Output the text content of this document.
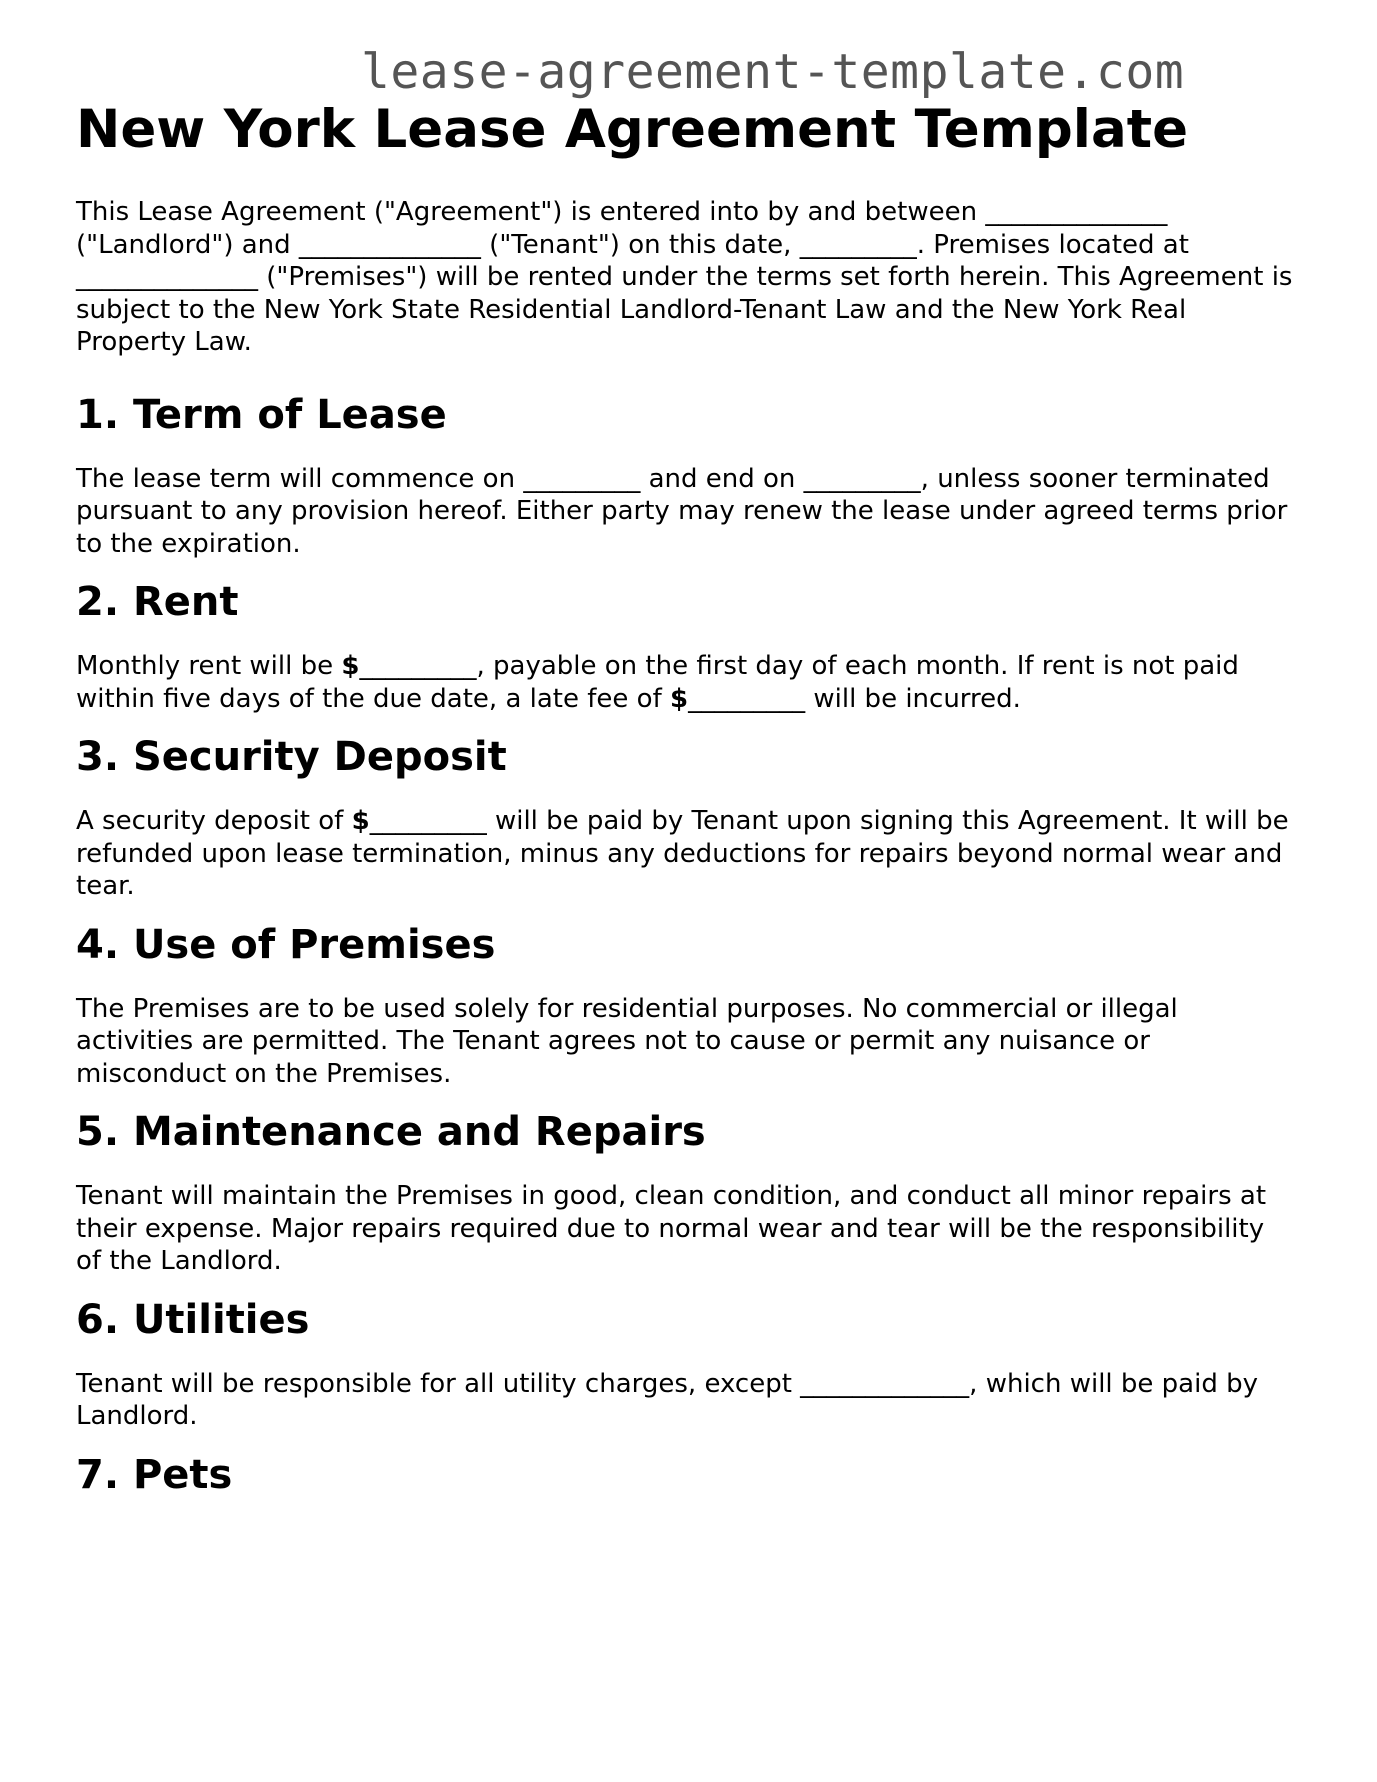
lease-agreement-template.com
New York Lease Agreement Template

This Lease Agreement ("Agreement") is entered into by and between ______________ ("Landlord") and ______________ ("Tenant") on this date, _________. Premises located at ______________ ("Premises") will be rented under the terms set forth herein. This Agreement is subject to the New York State Residential Landlord-Tenant Law and the New York Real Property Law.

1. Term of Lease

The lease term will commence on _________ and end on _________, unless sooner terminated pursuant to any provision hereof. Either party may renew the lease under agreed terms prior to the expiration.

2. Rent

Monthly rent will be $_________, payable on the first day of each month. If rent is not paid within five days of the due date, a late fee of $_________ will be incurred.

3. Security Deposit

A security deposit of $_________ will be paid by Tenant upon signing this Agreement. It will be refunded upon lease termination, minus any deductions for repairs beyond normal wear and tear.

4. Use of Premises

The Premises are to be used solely for residential purposes. No commercial or illegal activities are permitted. The Tenant agrees not to cause or permit any nuisance or misconduct on the Premises.

5. Maintenance and Repairs

Tenant will maintain the Premises in good, clean condition, and conduct all minor repairs at their expense. Major repairs required due to normal wear and tear will be the responsibility of the Landlord.

6. Utilities

Tenant will be responsible for all utility charges, except _____________, which will be paid by Landlord.

7. Pets
